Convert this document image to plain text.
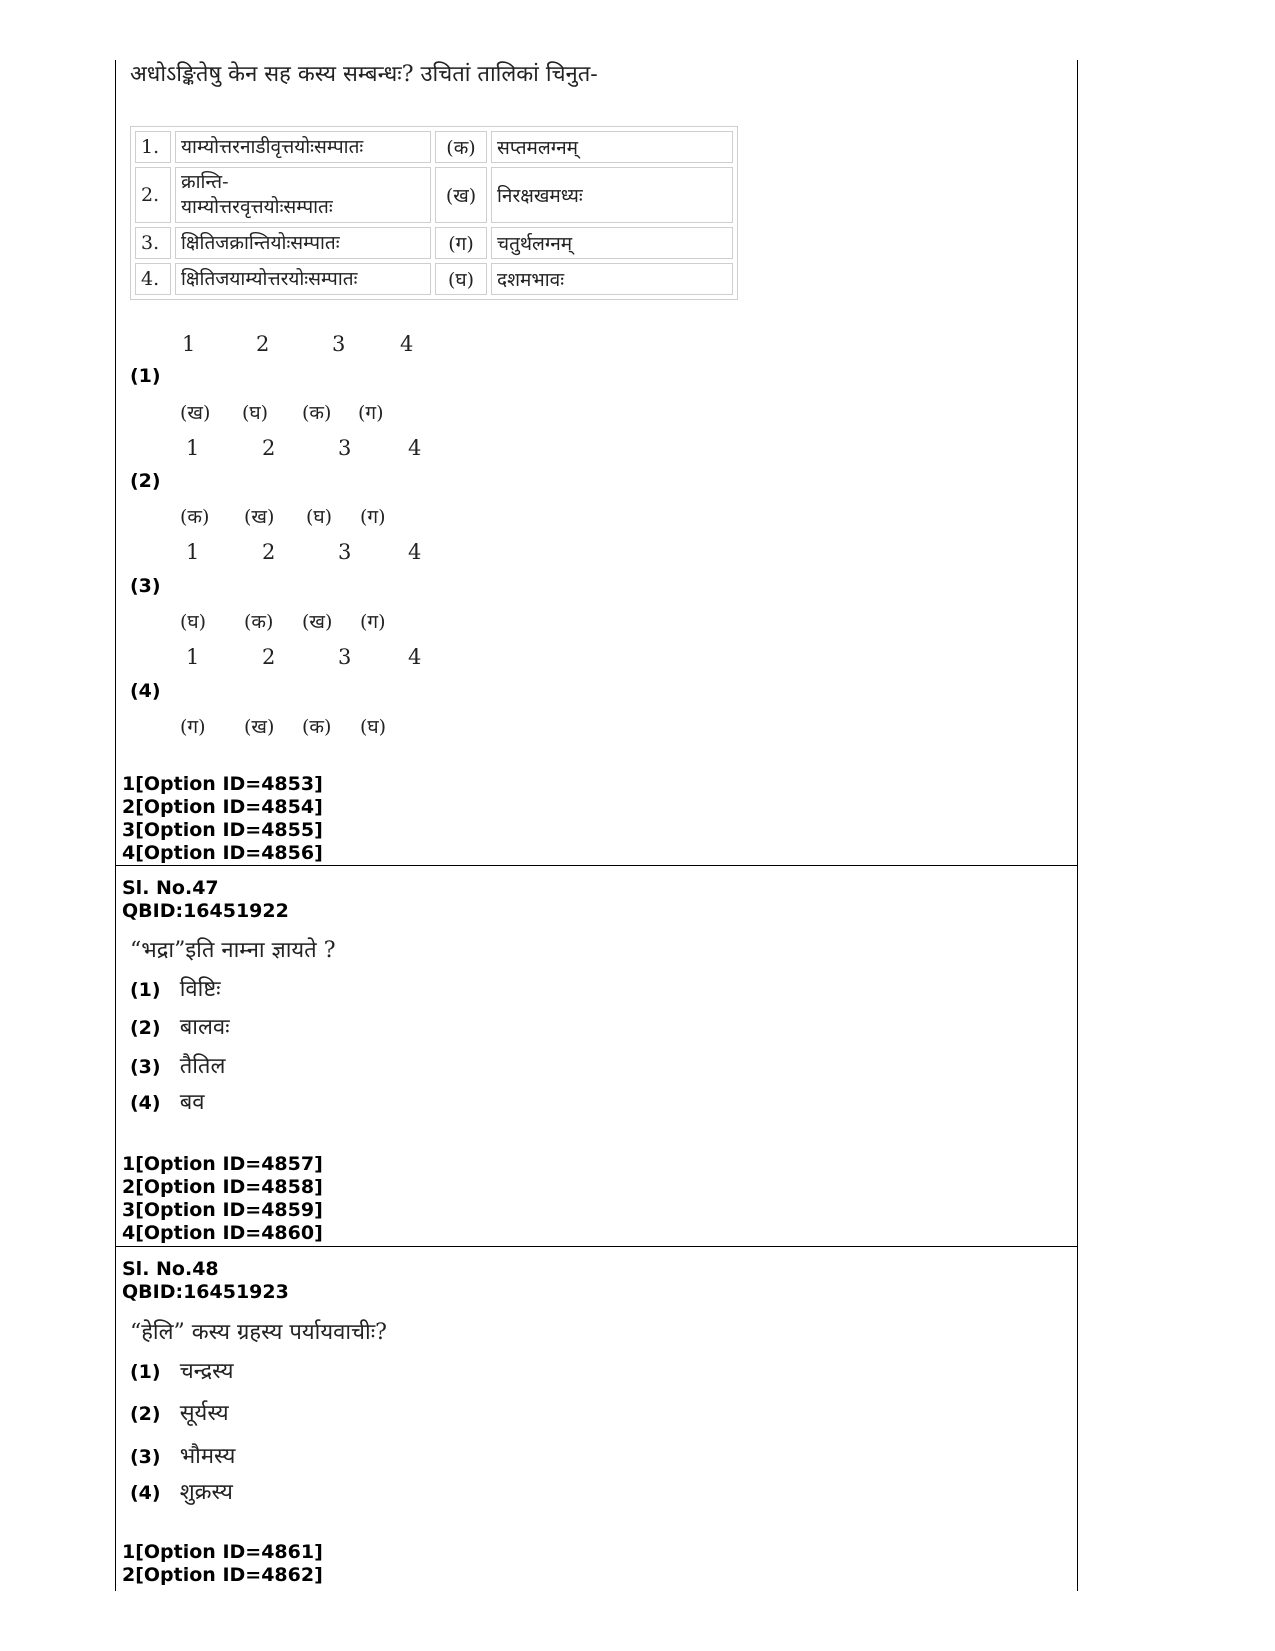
अधोऽङ्कितेषु केन सह कस्य सम्बन्धः? उचितां तालिकां चिनुत-
1.	याम्योत्तरनाडीवृत्तयोःसम्पातः	(क)	सप्तमलग्नम्
2.	क्रान्ति-
याम्योत्तरवृत्तयोःसम्पातः	(ख)	निरक्षखमध्यः
3.	क्षितिजक्रान्तियोःसम्पातः	(ग)	चतुर्थलग्नम्
4.	क्षितिजयाम्योत्तरयोःसम्पातः	(घ)	दशमभावः
1	2	3	4
(1)
(ख) (घ) (क) (ग)
1	2	3	4
(2)
(क) (ख) (घ) (ग)
1	2	3	4
(3)
(घ) (क) (ख) (ग)
1	2	3	4
(4)
(ग) (ख) (क) (घ)
1[Option ID=4853]
2[Option ID=4854]
3[Option ID=4855]
4[Option ID=4856]
Sl. No.47
QBID:16451922
“भद्रा”इति नाम्ना ज्ञायते ?
(1) विष्टिः
(2) बालवः
(3) तैतिल
(4) बव
1[Option ID=4857]
2[Option ID=4858]
3[Option ID=4859]
4[Option ID=4860]
Sl. No.48
QBID:16451923
“हेलि” कस्य ग्रहस्य पर्यायवाचीः?
(1) चन्द्रस्य
(2) सूर्यस्य
(3) भौमस्य
(4) शुक्रस्य
1[Option ID=4861]
2[Option ID=4862]
